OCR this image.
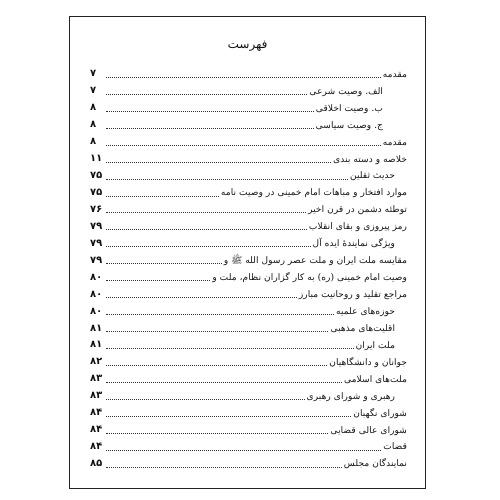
فهرست
مقدمه
۷
الف. وصیت شرعی
۷
ب. وصیت اخلاقی
۸
ج. وصیت سیاسی
۸
مقدمه
۸
خلاصه و دسته بندی
۱۱
حدیث ثقلین
۷۵
موارد افتخار و مباهات امام خمینی در وصیت نامه
۷۵
توطئه دشمن در قرن اخیر
۷۶
رمز پیروزی و بقای انقلاب
۷۹
ویژگی نمایندهٔ ایده آل
۷۹
مقایسه ملت ایران و ملت عصر رسول الله ﷺ و
۷۹
وصیت امام خمینی (ره) به کار گزاران نظام، ملت و
۸۰
مراجع تقلید و روحانیت مبارز
۸۰
حوزه‌های علمیه
۸۰
اقلیت‌های مذهبی
۸۱
ملت ایران
۸۱
جوانان و دانشگاهیان
۸۲
ملت‌های اسلامی
۸۳
رهبری و شورای رهبری
۸۳
شورای نگهبان
۸۴
شورای عالی قضایی
۸۴
قضات
۸۴
نمایندگان مجلس
۸۵
